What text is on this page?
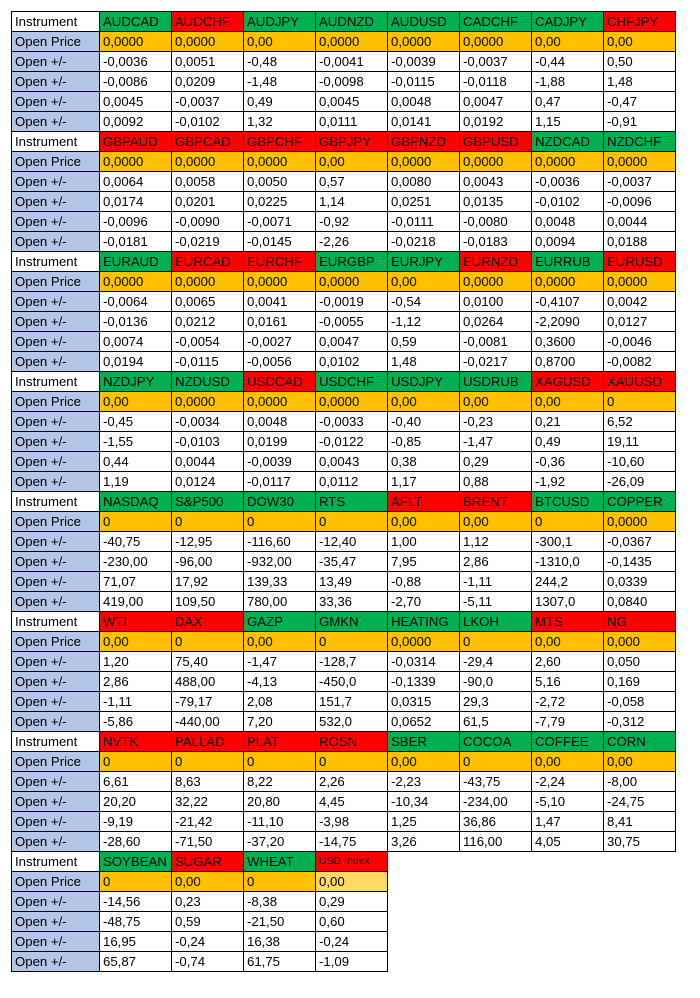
Instrument	AUDCAD	AUDCHF	AUDJPY	AUDNZD	AUDUSD	CADCHF	CADJPY	CHFJPY
Open Price	0,0000	0,0000	0,00	0,0000	0,0000	0,0000	0,00	0,00
Open +/-	-0,0036	0,0051	-0,48	-0,0041	-0,0039	-0,0037	-0,44	0,50
Open +/-	-0,0086	0,0209	-1,48	-0,0098	-0,0115	-0,0118	-1,88	1,48
Open +/-	0,0045	-0,0037	0,49	0,0045	0,0048	0,0047	0,47	-0,47
Open +/-	0,0092	-0,0102	1,32	0,0111	0,0141	0,0192	1,15	-0,91
Instrument	GBPAUD	GBPCAD	GBPCHF	GBPJPY	GBPNZD	GBPUSD	NZDCAD	NZDCHF
Open Price	0,0000	0,0000	0,0000	0,00	0,0000	0,0000	0,0000	0,0000
Open +/-	0,0064	0,0058	0,0050	0,57	0,0080	0,0043	-0,0036	-0,0037
Open +/-	0,0174	0,0201	0,0225	1,14	0,0251	0,0135	-0,0102	-0,0096
Open +/-	-0,0096	-0,0090	-0,0071	-0,92	-0,0111	-0,0080	0,0048	0,0044
Open +/-	-0,0181	-0,0219	-0,0145	-2,26	-0,0218	-0,0183	0,0094	0,0188
Instrument	EURAUD	EURCAD	EURCHF	EURGBP	EURJPY	EURNZD	EURRUB	EURUSD
Open Price	0,0000	0,0000	0,0000	0,0000	0,00	0,0000	0,0000	0,0000
Open +/-	-0,0064	0,0065	0,0041	-0,0019	-0,54	0,0100	-0,4107	0,0042
Open +/-	-0,0136	0,0212	0,0161	-0,0055	-1,12	0,0264	-2,2090	0,0127
Open +/-	0,0074	-0,0054	-0,0027	0,0047	0,59	-0,0081	0,3600	-0,0046
Open +/-	0,0194	-0,0115	-0,0056	0,0102	1,48	-0,0217	0,8700	-0,0082
Instrument	NZDJPY	NZDUSD	USDCAD	USDCHF	USDJPY	USDRUB	XAGUSD	XAUUSD
Open Price	0,00	0,0000	0,0000	0,0000	0,00	0,00	0,00	0
Open +/-	-0,45	-0,0034	0,0048	-0,0033	-0,40	-0,23	0,21	6,52
Open +/-	-1,55	-0,0103	0,0199	-0,0122	-0,85	-1,47	0,49	19,11
Open +/-	0,44	0,0044	-0,0039	0,0043	0,38	0,29	-0,36	-10,60
Open +/-	1,19	0,0124	-0,0117	0,0112	1,17	0,88	-1,92	-26,09
Instrument	NASDAQ	S&P500	DOW30	RTS	AFLT	BRENT	BTCUSD	COPPER
Open Price	0	0	0	0	0,00	0,00	0	0,0000
Open +/-	-40,75	-12,95	-116,60	-12,40	1,00	1,12	-300,1	-0,0367
Open +/-	-230,00	-96,00	-932,00	-35,47	7,95	2,86	-1310,0	-0,1435
Open +/-	71,07	17,92	139,33	13,49	-0,88	-1,11	244,2	0,0339
Open +/-	419,00	109,50	780,00	33,36	-2,70	-5,11	1307,0	0,0840
Instrument	WTI	DAX	GAZP	GMKN	HEATING	LKOH	MTS	NG
Open Price	0,00	0	0,00	0	0,0000	0	0,00	0,000
Open +/-	1,20	75,40	-1,47	-128,7	-0,0314	-29,4	2,60	0,050
Open +/-	2,86	488,00	-4,13	-450,0	-0,1339	-90,0	5,16	0,169
Open +/-	-1,11	-79,17	2,08	151,7	0,0315	29,3	-2,72	-0,058
Open +/-	-5,86	-440,00	7,20	532,0	0,0652	61,5	-7,79	-0,312
Instrument	NVTK	PALLAD	PLAT	ROSN	SBER	COCOA	COFFEE	CORN
Open Price	0	0	0	0	0,00	0	0,00	0,00
Open +/-	6,61	8,63	8,22	2,26	-2,23	-43,75	-2,24	-8,00
Open +/-	20,20	32,22	20,80	4,45	-10,34	-234,00	-5,10	-24,75
Open +/-	-9,19	-21,42	-11,10	-3,98	1,25	36,86	1,47	8,41
Open +/-	-28,60	-71,50	-37,20	-14,75	3,26	116,00	4,05	30,75
Instrument	SOYBEAN	SUGAR	WHEAT	USD Index				
Open Price	0	0,00	0	0,00				
Open +/-	-14,56	0,23	-8,38	0,29				
Open +/-	-48,75	0,59	-21,50	0,60				
Open +/-	16,95	-0,24	16,38	-0,24				
Open +/-	65,87	-0,74	61,75	-1,09				
